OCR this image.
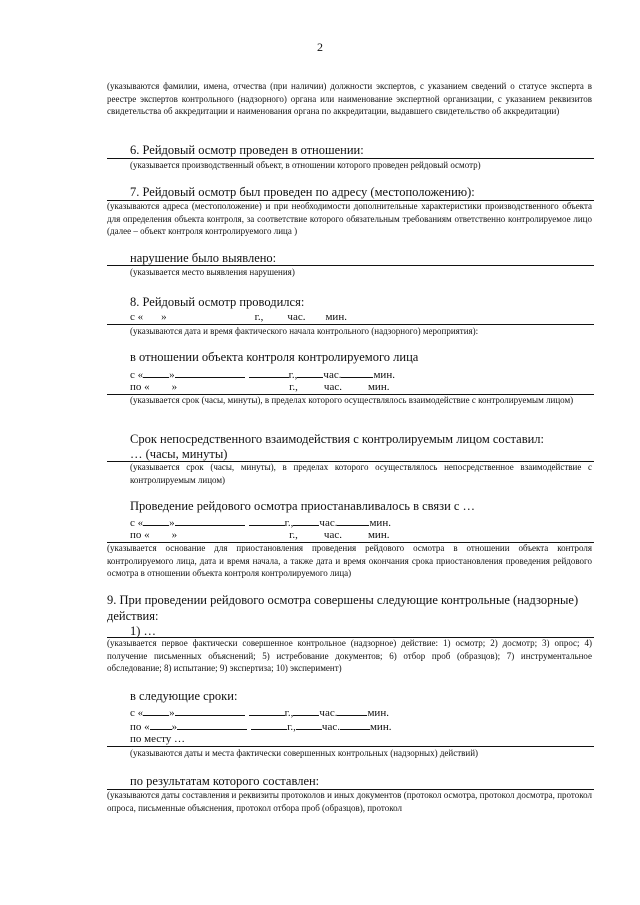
2
(указываются фамилии, имена, отчества (при наличии) должности экспертов, с указанием сведений о статусе эксперта в реестре экспертов контрольного (надзорного) органа или наименование экспертной организации, с указанием реквизитов свидетельства об аккредитации и наименования органа по аккредитации, выдавшего свидетельство об аккредитации)
6. Рейдовый осмотр проведен в отношении:
(указывается производственный объект, в отношении которого проведен рейдовый осмотр)
7. Рейдовый осмотр был проведен по адресу (местоположению):
(указываются адреса (местоположение) и при необходимости дополнительные характеристики производственного объекта для определения объекта контроля, за соответствие которого обязательным требованиям ответственно контролируемое лицо (далее – объект контроля контролируемого лица )
нарушение было выявлено:
(указывается место выявления нарушения)
8. Рейдовый осмотр проводился:
с « »	г., час. мин.
(указываются дата и время фактического начала контрольного (надзорного) мероприятия):
в отношении объекта контроля контролируемого лица
с « »	г., час.	мин.
по « »	г., час. мин.
(указывается срок (часы, минуты), в пределах которого осуществлялось взаимодействие с контролируемым лицом)
Срок непосредственного взаимодействия с контролируемым лицом составил:
… (часы, минуты)
(указывается срок (часы, минуты), в пределах которого осуществлялось непосредственное взаимодействие с контролируемым лицом)
Проведение рейдового осмотра приостанавливалось в связи с …
с « »	г., час.	мин.
по « »	г., час. мин.
(указывается основание для приостановления проведения рейдового осмотра в отношении объекта контроля контролируемого лица, дата и время начала, а также дата и время окончания срока приостановления проведения рейдового осмотра в отношении объекта контроля контролируемого лица)
9. При проведении рейдового осмотра совершены следующие контрольные (надзорные) действия:
1) …
(указывается первое фактически совершенное контрольное (надзорное) действие: 1) осмотр; 2) досмотр; 3) опрос; 4) получение письменных объяснений; 5) истребование документов; 6) отбор проб (образцов); 7) инструментальное обследование; 8) испытание; 9) экспертиза; 10) эксперимент)
в следующие сроки:
с « »	г., час.	мин.
по « »	г., час.	мин.
по месту …
(указываются даты и места фактически совершенных контрольных (надзорных) действий)
по результатам которого составлен:
(указываются даты составления и реквизиты протоколов и иных документов (протокол осмотра, протокол досмотра, протокол опроса, письменные объяснения, протокол отбора проб (образцов), протокол
